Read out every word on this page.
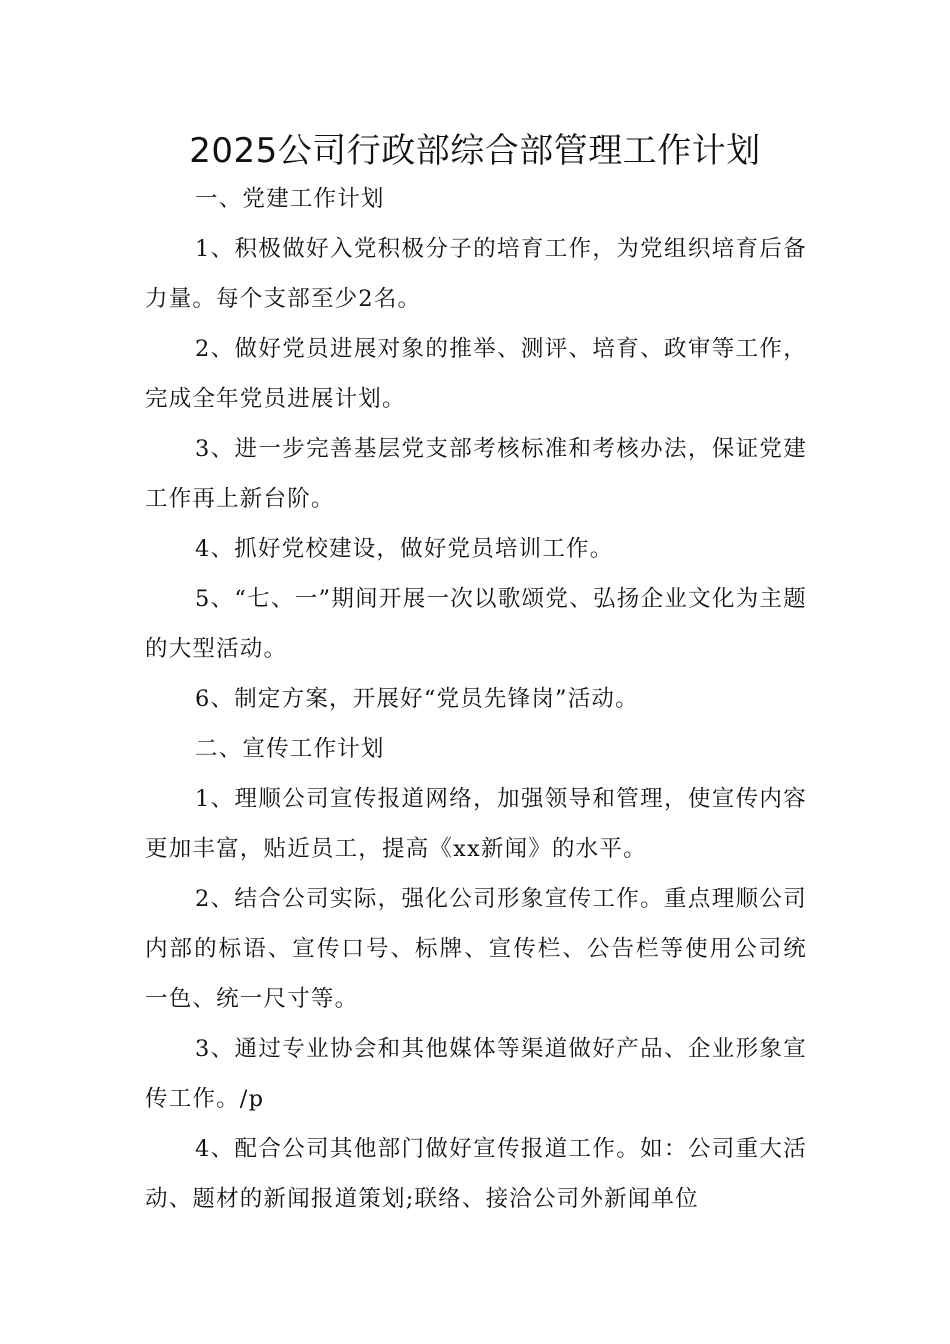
2025公司行政部综合部管理工作计划

一、党建工作计划

1、积极做好入党积极分子的培育工作，为党组织培育后备力量。每个支部至少2名。

2、做好党员进展对象的推举、测评、培育、政审等工作，完成全年党员进展计划。

3、进一步完善基层党支部考核标准和考核办法，保证党建工作再上新台阶。

4、抓好党校建设，做好党员培训工作。

5、“七、一”期间开展一次以歌颂党、弘扬企业文化为主题的大型活动。

6、制定方案，开展好“党员先锋岗”活动。

二、宣传工作计划

1、理顺公司宣传报道网络，加强领导和管理，使宣传内容更加丰富，贴近员工，提高《xx新闻》的水平。

2、结合公司实际，强化公司形象宣传工作。重点理顺公司内部的标语、宣传口号、标牌、宣传栏、公告栏等使用公司统一色、统一尺寸等。

3、通过专业协会和其他媒体等渠道做好产品、企业形象宣传工作。/p

4、配合公司其他部门做好宣传报道工作。如：公司重大活动、题材的新闻报道策划;联络、接洽公司外新闻单位
